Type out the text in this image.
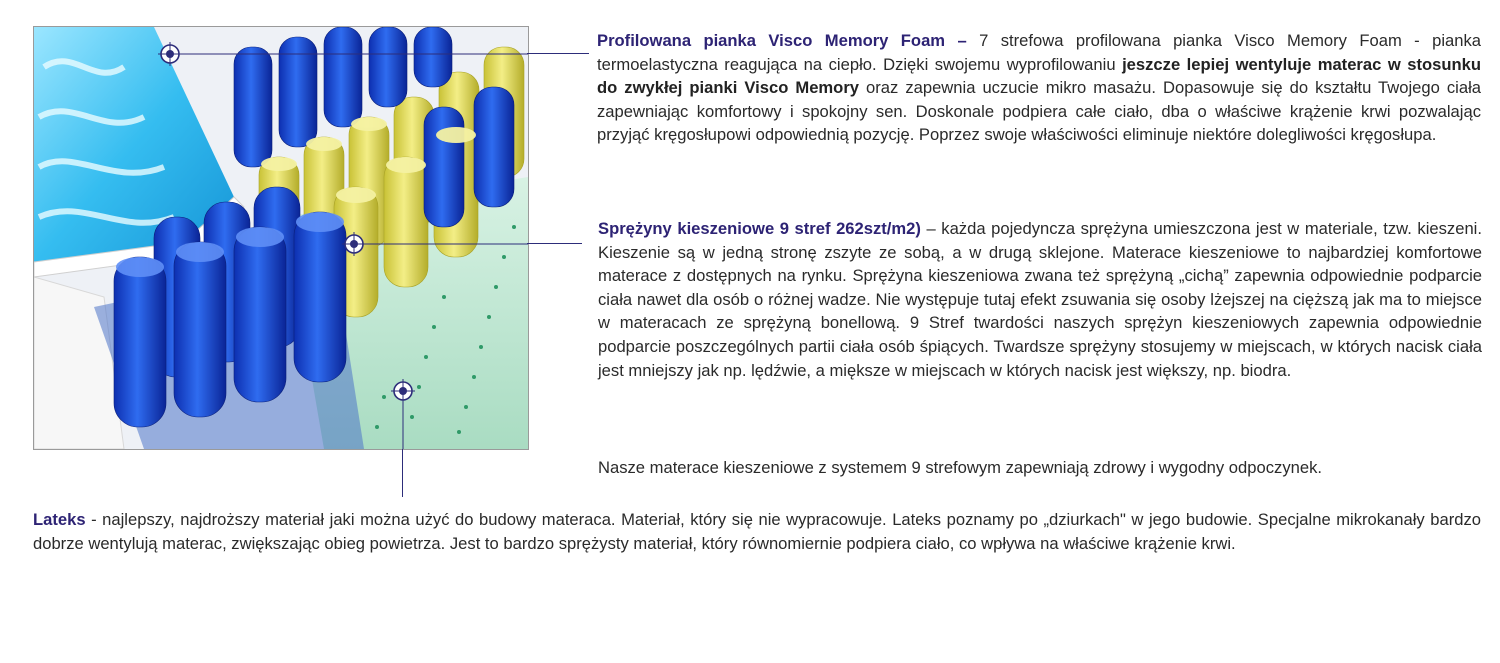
Profilowana pianka Visco Memory Foam – 7 strefowa profilowana pianka Visco Memory Foam - pianka termoelastyczna reagująca na ciepło. Dzięki swojemu wyprofilowaniu jeszcze lepiej wentyluje materac w stosunku do zwykłej pianki Visco Memory oraz zapewnia uczucie mikro masażu. Dopasowuje się do kształtu Twojego ciała zapewniając komfortowy i spokojny sen. Doskonale podpiera całe ciało, dba o właściwe krążenie krwi pozwalając przyjąć kręgosłupowi odpowiednią pozycję. Poprzez swoje właściwości eliminuje niektóre dolegliwości kręgosłupa.

Sprężyny kieszeniowe 9 stref 262szt/m2) – każda pojedyncza sprężyna umieszczona jest w materiale, tzw. kieszeni. Kieszenie są w jedną stronę zszyte ze sobą, a w drugą sklejone. Materace kieszeniowe to najbardziej komfortowe materace z dostępnych na rynku. Sprężyna kieszeniowa zwana też sprężyną „cichą” zapewnia odpowiednie podparcie ciała nawet dla osób o różnej wadze. Nie występuje tutaj efekt zsuwania się osoby lżejszej na cięższą jak ma to miejsce w materacach ze sprężyną bonellową. 9 Stref twardości naszych sprężyn kieszeniowych zapewnia odpowiednie podparcie poszczególnych partii ciała osób śpiących. Twardsze sprężyny stosujemy w miejscach, w których nacisk ciała jest mniejszy jak np. lędźwie, a miększe w miejscach w których nacisk jest większy, np. biodra.

Nasze materace kieszeniowe z systemem 9 strefowym zapewniają zdrowy i wygodny odpoczynek.

Lateks - najlepszy, najdroższy materiał jaki można użyć do budowy materaca. Materiał, który się nie wypracowuje. Lateks poznamy po „dziurkach" w jego budowie. Specjalne mikrokanały bardzo dobrze wentylują materac, zwiększając obieg powietrza. Jest to bardzo sprężysty materiał, który równomiernie podpiera ciało, co wpływa na właściwe krążenie krwi.
